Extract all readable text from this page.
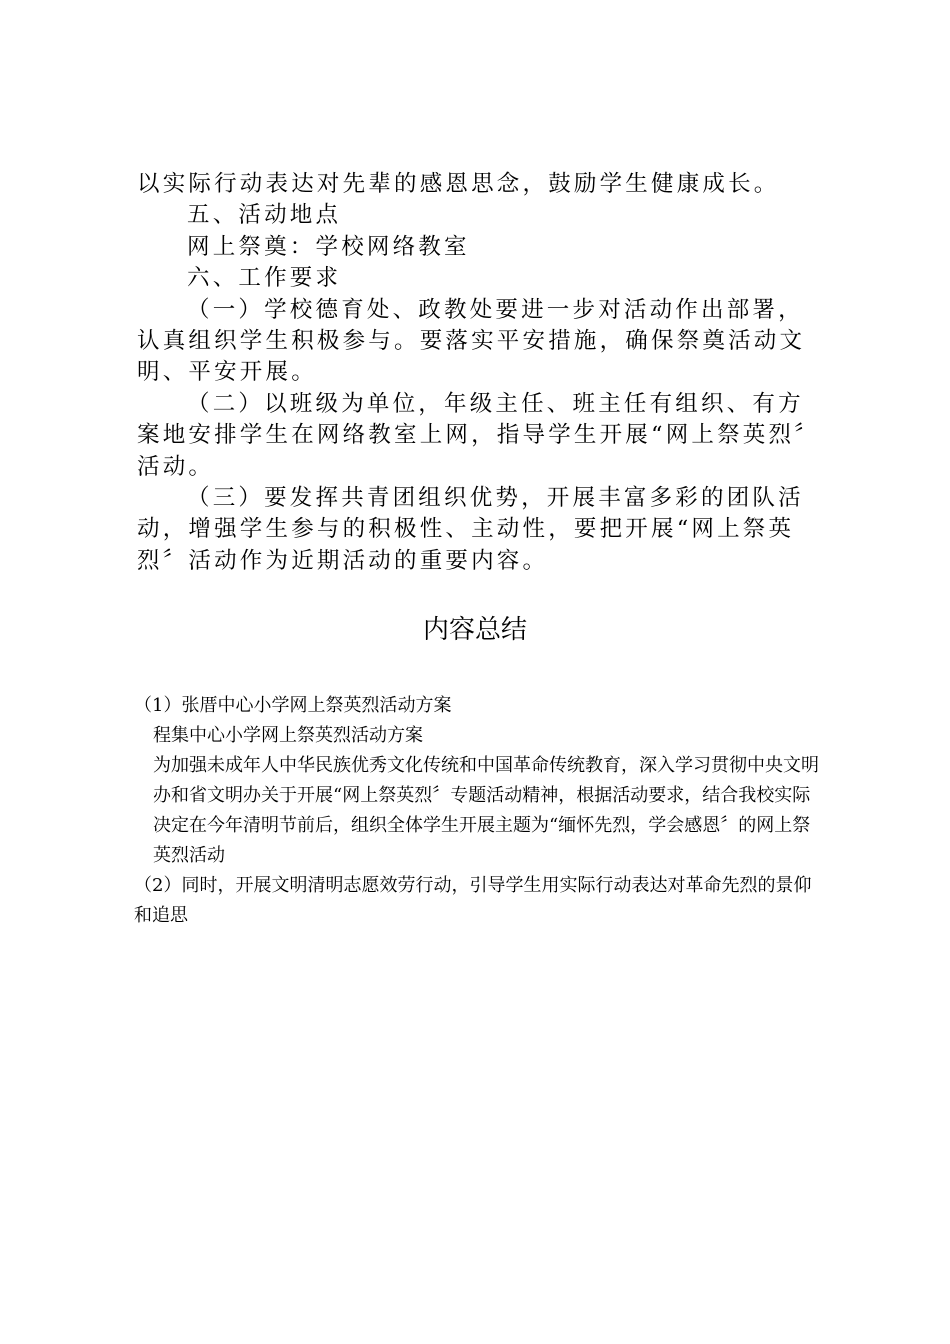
以实际行动表达对先辈的感恩思念，鼓励学生健康成长。

五、活动地点

网上祭奠：学校网络教室

六、工作要求

（一）学校德育处、政教处要进一步对活动作出部署，认真组织学生积极参与。要落实平安措施，确保祭奠活动文明、平安开展。

（二）以班级为单位，年级主任、班主任有组织、有方案地安排学生在网络教室上网，指导学生开展“网上祭英烈〞活动。

（三）要发挥共青团组织优势，开展丰富多彩的团队活动，增强学生参与的积极性、主动性，要把开展“网上祭英烈〞活动作为近期活动的重要内容。

内容总结

（1）张厝中心小学网上祭英烈活动方案

程集中心小学网上祭英烈活动方案

为加强未成年人中华民族优秀文化传统和中国革命传统教育，深入学习贯彻中央文明办和省文明办关于开展“网上祭英烈〞专题活动精神，根据活动要求，结合我校实际决定在今年清明节前后，组织全体学生开展主题为“缅怀先烈，学会感恩〞的网上祭英烈活动

（2）同时，开展文明清明志愿效劳行动，引导学生用实际行动表达对革命先烈的景仰和追思
